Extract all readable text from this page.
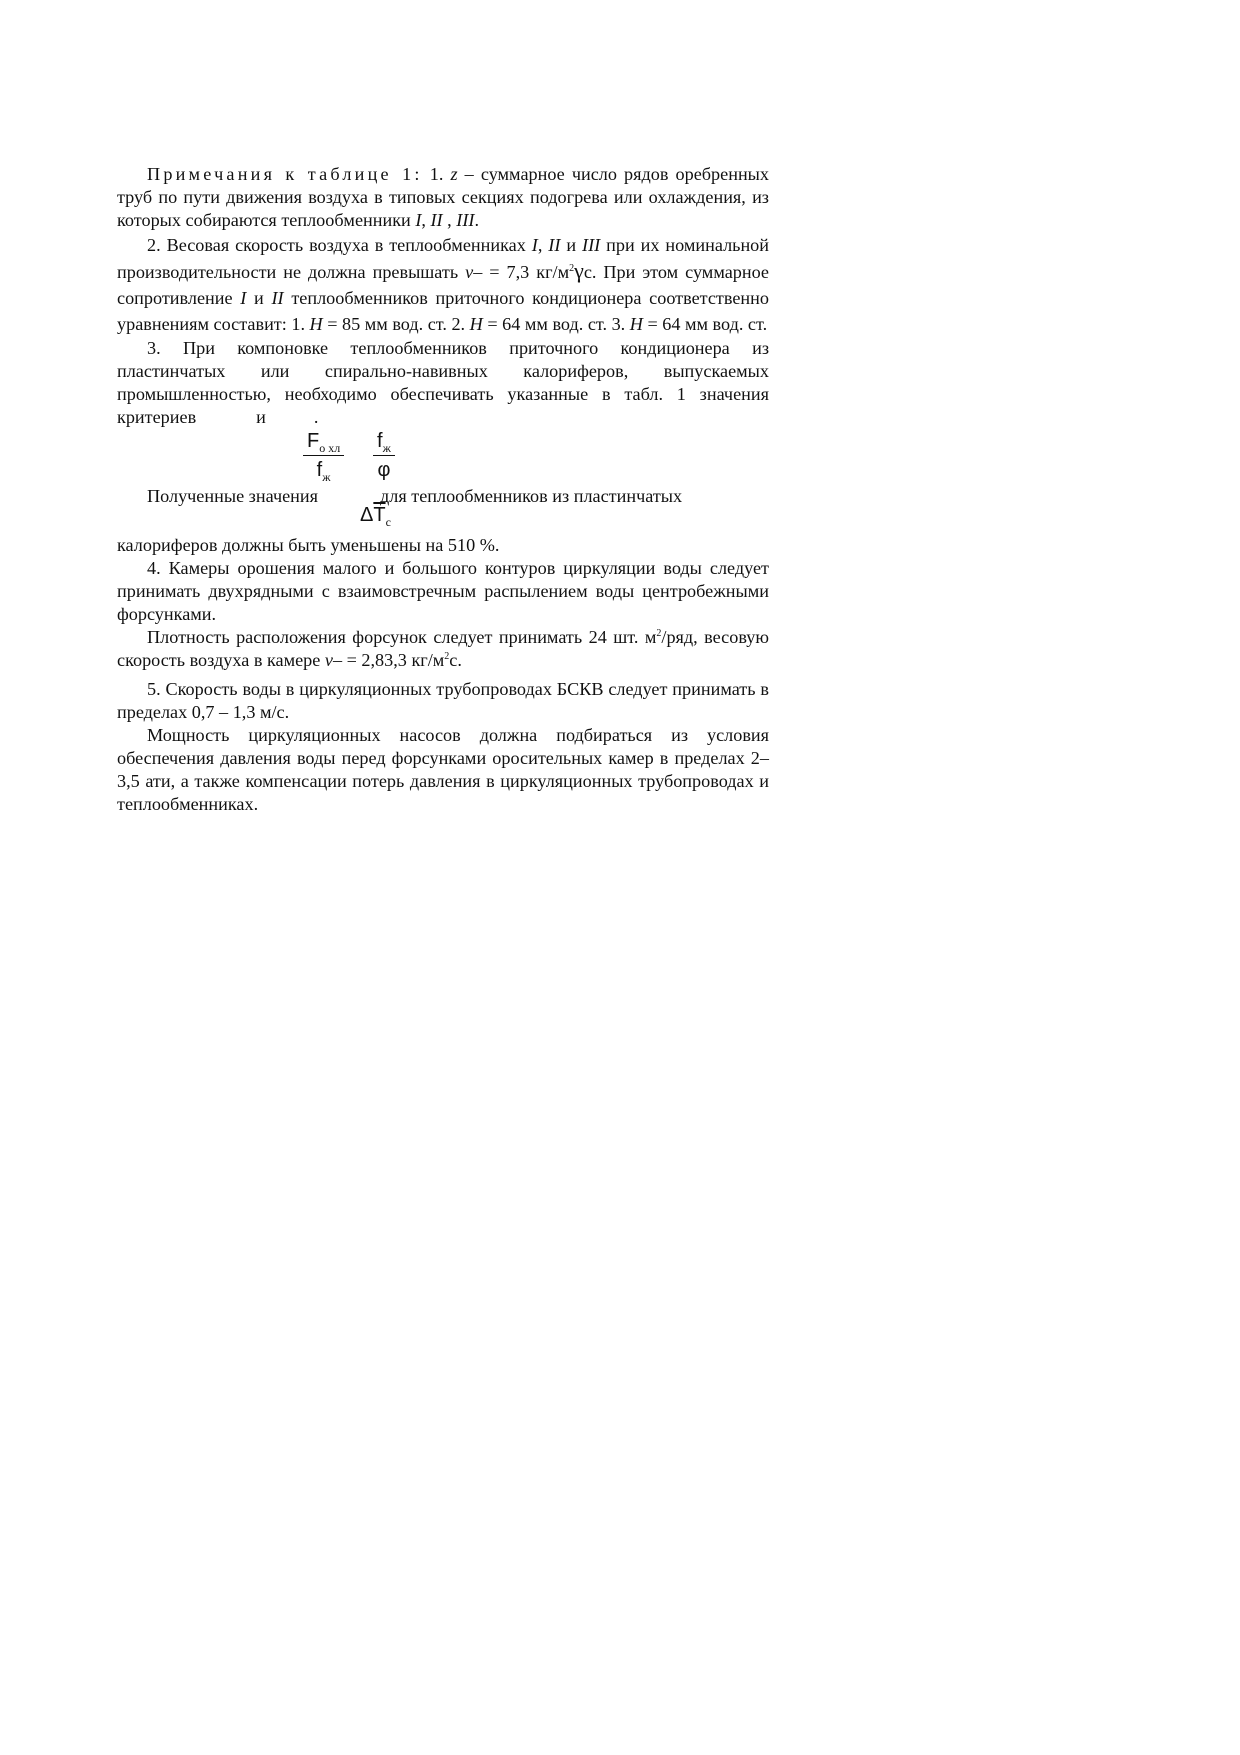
Примечания к таблице 1: 1. z – суммарное число рядов оребренных труб по пути движения воздуха в типовых секциях подогрева или охлаждения, из которых собираются теплообменники I, II , III.

2. Весовая скорость воздуха в теплообменниках I, II и III при их номинальной производительности не должна превышать v– = 7,3 $кг/м^2\gamma с$. При этом суммарное сопротивление I и II теплообменников приточного кондиционера соответственно уравнениям составит: 1. H = 85 мм вод. ст. 2. H = 64 мм вод. ст. 3. H = 64 мм вод. ст.

3. При компоновке теплообменников приточного кондиционера из пластинчатых или спирально-навивных калориферов, выпускаемых промышленностью, необходимо обеспечивать указанные в табл. 1 значения критериев	и	.

$F_{о хл}$
$f_ж$
$f_ж$
φ

Полученные значения	для теплообменников из пластинчатых

$\Delta\overline{T}_с$

калориферов должны быть уменьшены на 510 %.

4. Камеры орошения малого и большого контуров циркуляции воды следует принимать двухрядными с взаимовстречным распылением воды центробежными форсунками.

Плотность расположения форсунок следует принимать 24 шт. $м^2$/ряд, весовую скорость воздуха в камере v– = 2,83,3 $кг/м^2с$.

5. Скорость воды в циркуляционных трубопроводах БСКВ следует принимать в пределах 0,7 – 1,3 м/с.

Мощность циркуляционных насосов должна подбираться из условия обеспечения давления воды перед форсунками оросительных камер в пределах 2–3,5 ати, а также компенсации потерь давления в циркуляционных трубопроводах и теплообменниках.
